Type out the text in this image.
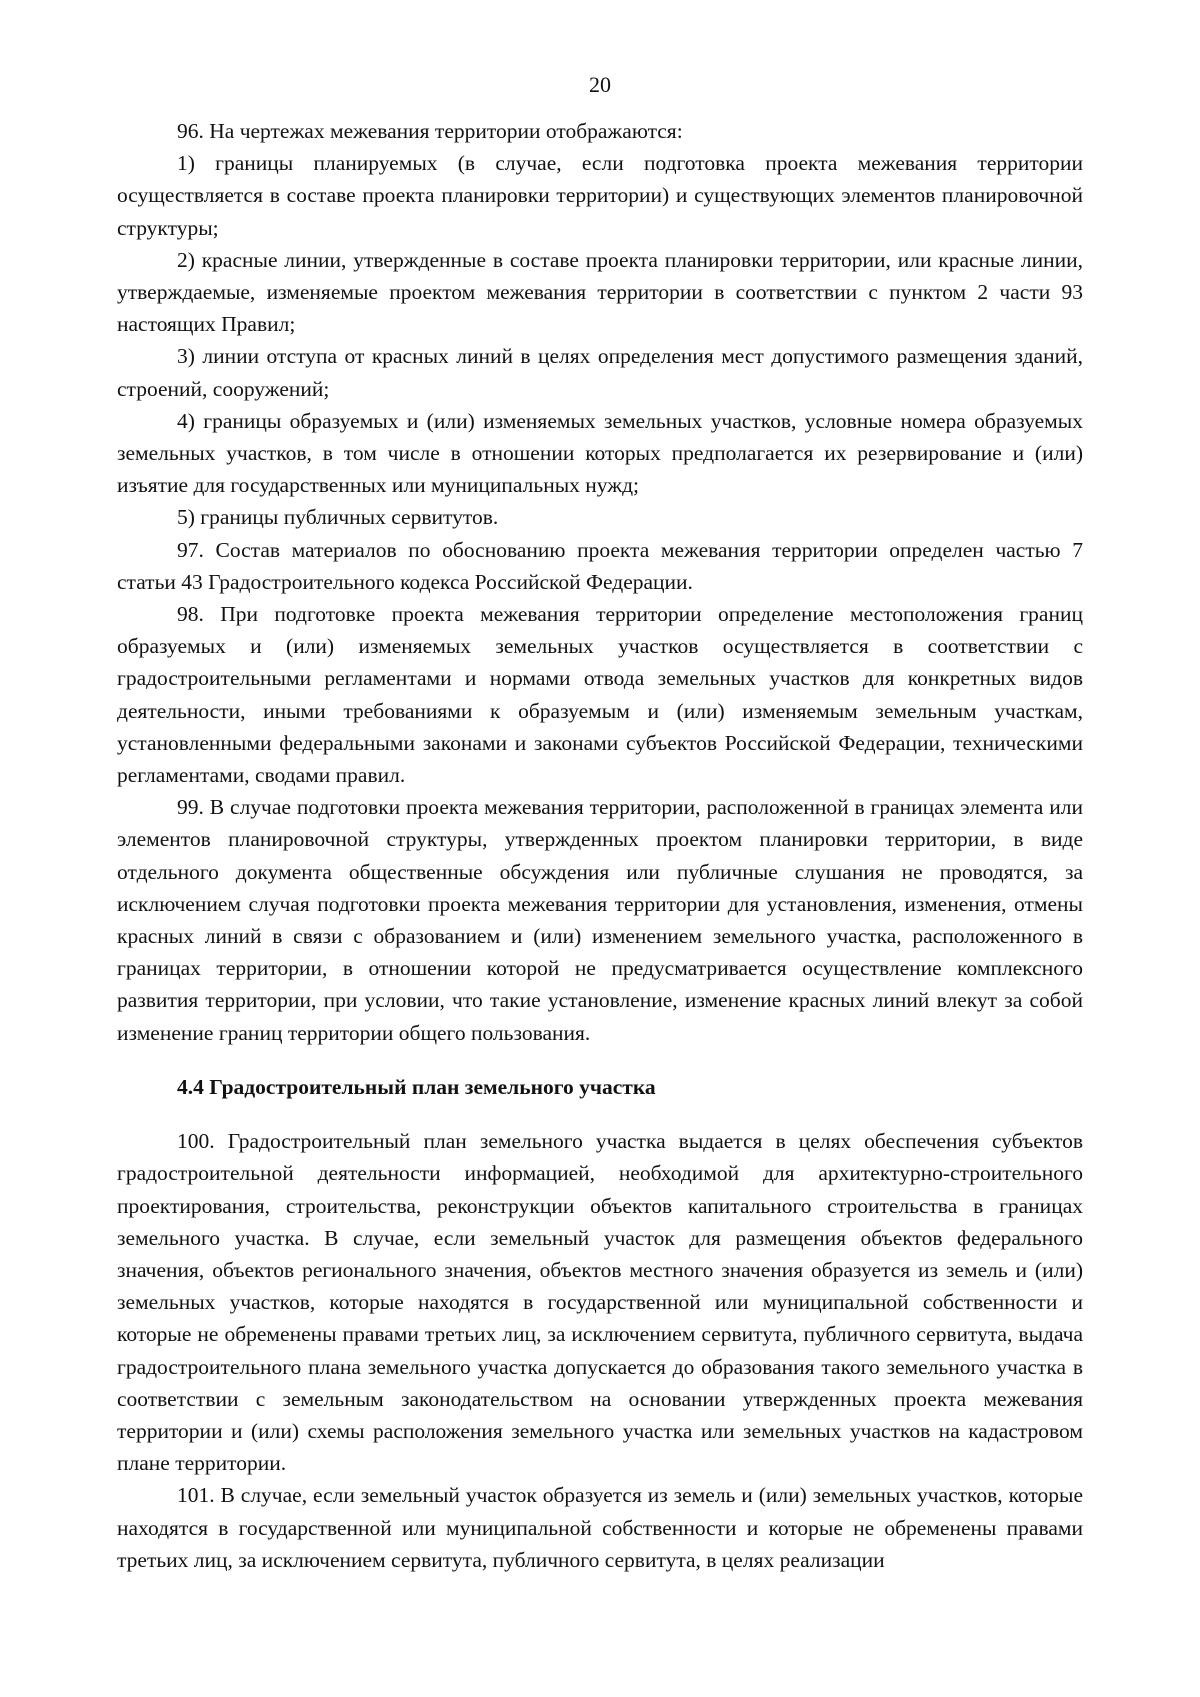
20

96. На чертежах межевания территории отображаются:

1) границы планируемых (в случае, если подготовка проекта межевания территории осуществляется в составе проекта планировки территории) и существующих элементов планировочной структуры;

2) красные линии, утвержденные в составе проекта планировки территории, или красные линии, утверждаемые, изменяемые проектом межевания территории в соответствии с пунктом 2 части 93 настоящих Правил;

3) линии отступа от красных линий в целях определения мест допустимого размещения зданий, строений, сооружений;

4) границы образуемых и (или) изменяемых земельных участков, условные номера образуемых земельных участков, в том числе в отношении которых предполагается их резервирование и (или) изъятие для государственных или муниципальных нужд;

5) границы публичных сервитутов.

97. Состав материалов по обоснованию проекта межевания территории определен частью 7 статьи 43 Градостроительного кодекса Российской Федерации.

98. При подготовке проекта межевания территории определение местоположения границ образуемых и (или) изменяемых земельных участков осуществляется в соответствии с градостроительными регламентами и нормами отвода земельных участков для конкретных видов деятельности, иными требованиями к образуемым и (или) изменяемым земельным участкам, установленными федеральными законами и законами субъектов Российской Федерации, техническими регламентами, сводами правил.

99. В случае подготовки проекта межевания территории, расположенной в границах элемента или элементов планировочной структуры, утвержденных проектом планировки территории, в виде отдельного документа общественные обсуждения или публичные слушания не проводятся, за исключением случая подготовки проекта межевания территории для установления, изменения, отмены красных линий в связи с образованием и (или) изменением земельного участка, расположенного в границах территории, в отношении которой не предусматривается осуществление комплексного развития территории, при условии, что такие установление, изменение красных линий влекут за собой изменение границ территории общего пользования.

4.4 Градостроительный план земельного участка

100. Градостроительный план земельного участка выдается в целях обеспечения субъектов градостроительной деятельности информацией, необходимой для архитектурно-строительного проектирования, строительства, реконструкции объектов капитального строительства в границах земельного участка. В случае, если земельный участок для размещения объектов федерального значения, объектов регионального значения, объектов местного значения образуется из земель и (или) земельных участков, которые находятся в государственной или муниципальной собственности и которые не обременены правами третьих лиц, за исключением сервитута, публичного сервитута, выдача градостроительного плана земельного участка допускается до образования такого земельного участка в соответствии с земельным законодательством на основании утвержденных проекта межевания территории и (или) схемы расположения земельного участка или земельных участков на кадастровом плане территории.

101. В случае, если земельный участок образуется из земель и (или) земельных участков, которые находятся в государственной или муниципальной собственности и которые не обременены правами третьих лиц, за исключением сервитута, публичного сервитута, в целях реализации
